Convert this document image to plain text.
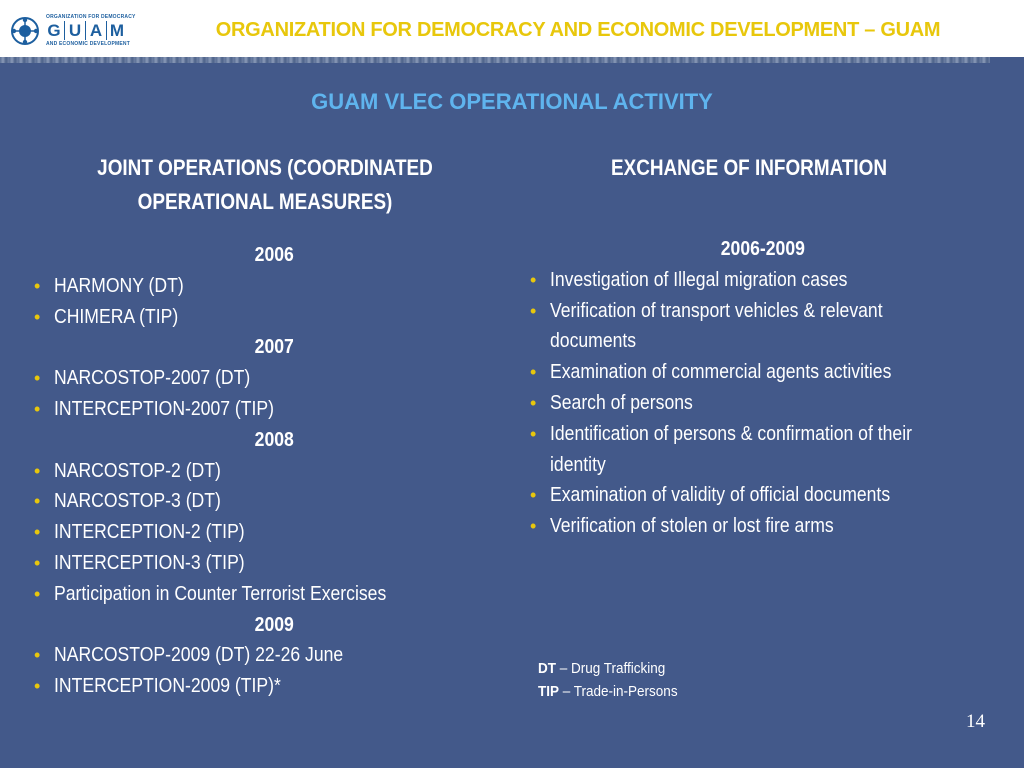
ORGANIZATION FOR DEMOCRACY
G U A M
AND ECONOMIC DEVELOPMENT
ORGANIZATION FOR DEMOCRACY AND ECONOMIC DEVELOPMENT – GUAM
GUAM VLEC OPERATIONAL ACTIVITY
JOINT OPERATIONS (COORDINATED
OPERATIONAL MEASURES)
EXCHANGE OF INFORMATION
2006
• HARMONY (DT)
• CHIMERA (TIP)
2007
• NARCOSTOP-2007 (DT)
• INTERCEPTION-2007 (TIP)
2008
• NARCOSTOP-2 (DT)
• NARCOSTOP-3 (DT)
• INTERCEPTION-2 (TIP)
• INTERCEPTION-3 (TIP)
• Participation in Counter Terrorist Exercises
2009
• NARCOSTOP-2009 (DT) 22-26 June
• INTERCEPTION-2009 (TIP)*
2006-2009
• Investigation of Illegal migration cases
• Verification of transport vehicles & relevant documents
• Examination of commercial agents activities
• Search of persons
• Identification of persons & confirmation of their identity
• Examination of validity of official documents
• Verification of stolen or lost fire arms
DT – Drug Trafficking
TIP – Trade-in-Persons
14
